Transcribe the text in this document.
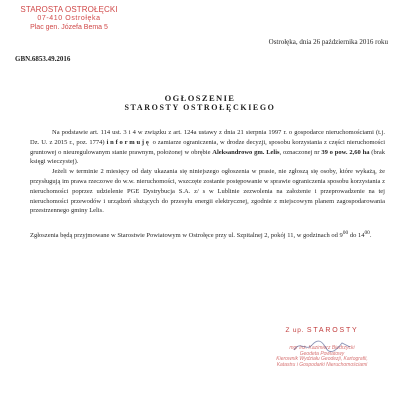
STAROSTA OSTROŁĘCKI
07-410 Ostrołęka
Plac gen. Józefa Bema 5
Ostrołęka, dnia 26 października 2016 roku
GBN.6853.49.2016
OGŁOSZENIE
STAROSTY OSTROŁĘCKIEGO

Na podstawie art. 114 ust. 3 i 4 w związku z art. 124a ustawy z dnia 21 sierpnia 1997 r. o gospodarce nieruchomościami (t.j. Dz. U. z 2015 r., poz. 1774) informuję o zamiarze ograniczenia, w drodze decyzji, sposobu korzystania z części nieruchomości gruntowej o nieuregulowanym stanie prawnym, położonej w obrębie Aleksandrowo gm. Lelis, oznaczonej nr 39 o pow. 2,60 ha (brak księgi wieczystej).

Jeżeli w terminie 2 miesięcy od daty ukazania się niniejszego ogłoszenia w prasie, nie zgłoszą się osoby, które wykażą, że przysługują im prawa rzeczowe do w.w. nieruchomości, wszczęte zostanie postępowanie w sprawie ograniczenia sposobu korzystania z nieruchomości poprzez udzielenie PGE Dystrybucja S.A. z/ s w Lublinie zezwolenia na założenie i przeprowadzenie na tej nieruchomości przewodów i urządzeń służących do przesyłu energii elektrycznej, zgodnie z miejscowym planem zagospodarowania przestrzennego gminy Lelis.

Zgłoszenia będą przyjmowane w Starostwie Powiatowym w Ostrołęce przy ul. Szpitalnej 2, pokój 11, w godzinach od $9^{00}$ do $14^{00}$.

Z up. STAROSTY
mgr inż. Kazimierz Biedrzycki
Geodeta Powiatowy
Kierownik Wydziału Geodezji, Kartografii,
Katastru i Gospodarki Nieruchomościami
